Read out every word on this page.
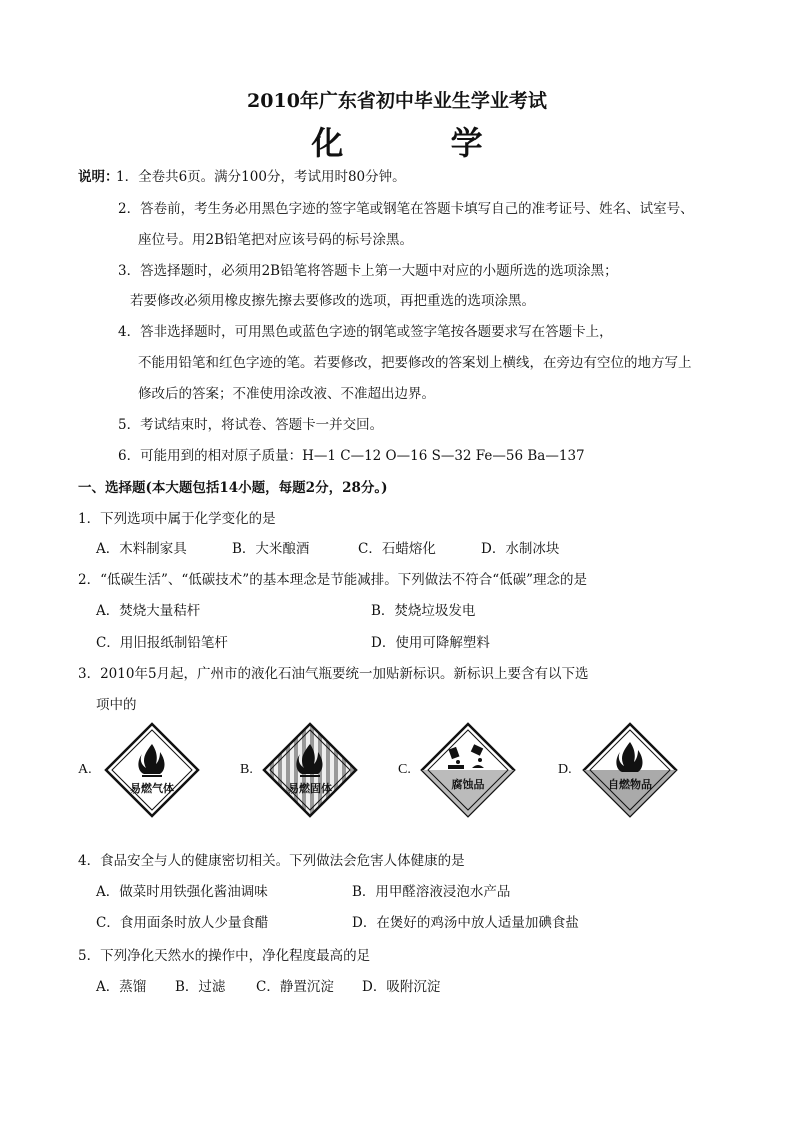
2010年广东省初中毕业生学业考试
化 学
说明：
1．全卷共6页。满分100分，考试用时80分钟。
2．答卷前，考生务必用黑色字迹的签字笔或钢笔在答题卡填写自己的准考证号、姓名、试室号、
座位号。用2B铅笔把对应该号码的标号涂黑。
3．答选择题时，必须用2B铅笔将答题卡上第一大题中对应的小题所选的选项涂黑；
若要修改必须用橡皮擦先擦去要修改的选项，再把重选的选项涂黑。
4．答非选择题时，可用黑色或蓝色字迹的钢笔或签字笔按各题要求写在答题卡上，
不能用铅笔和红色字迹的笔。若要修改，把要修改的答案划上横线，在旁边有空位的地方写上
修改后的答案；不准使用涂改液、不准超出边界。
5．考试结束时，将试卷、答题卡一并交回。
6．可能用到的相对原子质量：H—1 C—12 O—16 S—32 Fe—56 Ba—137
一、选择题(本大题包括14小题，每题2分，28分。)
1．下列选项中属于化学变化的是
A．木料制家具	B．大米酿酒	C．石蜡熔化	D．水制冰块
2．“低碳生活”、“低碳技术”的基本理念是节能减排。下列做法不符合“低碳”理念的是
A．焚烧大量秸杆	B．焚烧垃圾发电
C．用旧报纸制铅笔杆	D．使用可降解塑料
3．2010年5月起，广州市的液化石油气瓶要统一加贴新标识。新标识上要含有以下选
项中的
A.
易燃气体
B.
易燃固体
C.
腐蚀品
D.
自燃物品
4．食品安全与人的健康密切相关。下列做法会危害人体健康的是
A．做菜时用铁强化酱油调味	B．用甲醛溶液浸泡水产品
C．食用面条时放人少量食醋	D．在煲好的鸡汤中放人适量加碘食盐
5．下列净化天然水的操作中，净化程度最高的足
A．蒸馏 B．过滤 C．静置沉淀 D．吸附沉淀
